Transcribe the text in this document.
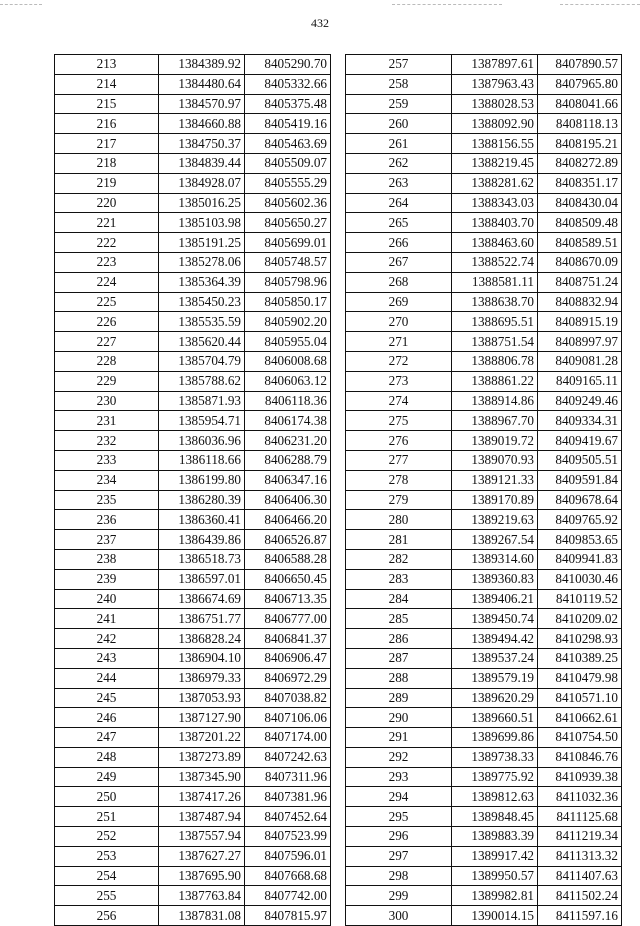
432
213	1384389.92	8405290.70
214	1384480.64	8405332.66
215	1384570.97	8405375.48
216	1384660.88	8405419.16
217	1384750.37	8405463.69
218	1384839.44	8405509.07
219	1384928.07	8405555.29
220	1385016.25	8405602.36
221	1385103.98	8405650.27
222	1385191.25	8405699.01
223	1385278.06	8405748.57
224	1385364.39	8405798.96
225	1385450.23	8405850.17
226	1385535.59	8405902.20
227	1385620.44	8405955.04
228	1385704.79	8406008.68
229	1385788.62	8406063.12
230	1385871.93	8406118.36
231	1385954.71	8406174.38
232	1386036.96	8406231.20
233	1386118.66	8406288.79
234	1386199.80	8406347.16
235	1386280.39	8406406.30
236	1386360.41	8406466.20
237	1386439.86	8406526.87
238	1386518.73	8406588.28
239	1386597.01	8406650.45
240	1386674.69	8406713.35
241	1386751.77	8406777.00
242	1386828.24	8406841.37
243	1386904.10	8406906.47
244	1386979.33	8406972.29
245	1387053.93	8407038.82
246	1387127.90	8407106.06
247	1387201.22	8407174.00
248	1387273.89	8407242.63
249	1387345.90	8407311.96
250	1387417.26	8407381.96
251	1387487.94	8407452.64
252	1387557.94	8407523.99
253	1387627.27	8407596.01
254	1387695.90	8407668.68
255	1387763.84	8407742.00
256	1387831.08	8407815.97
257	1387897.61	8407890.57
258	1387963.43	8407965.80
259	1388028.53	8408041.66
260	1388092.90	8408118.13
261	1388156.55	8408195.21
262	1388219.45	8408272.89
263	1388281.62	8408351.17
264	1388343.03	8408430.04
265	1388403.70	8408509.48
266	1388463.60	8408589.51
267	1388522.74	8408670.09
268	1388581.11	8408751.24
269	1388638.70	8408832.94
270	1388695.51	8408915.19
271	1388751.54	8408997.97
272	1388806.78	8409081.28
273	1388861.22	8409165.11
274	1388914.86	8409249.46
275	1388967.70	8409334.31
276	1389019.72	8409419.67
277	1389070.93	8409505.51
278	1389121.33	8409591.84
279	1389170.89	8409678.64
280	1389219.63	8409765.92
281	1389267.54	8409853.65
282	1389314.60	8409941.83
283	1389360.83	8410030.46
284	1389406.21	8410119.52
285	1389450.74	8410209.02
286	1389494.42	8410298.93
287	1389537.24	8410389.25
288	1389579.19	8410479.98
289	1389620.29	8410571.10
290	1389660.51	8410662.61
291	1389699.86	8410754.50
292	1389738.33	8410846.76
293	1389775.92	8410939.38
294	1389812.63	8411032.36
295	1389848.45	8411125.68
296	1389883.39	8411219.34
297	1389917.42	8411313.32
298	1389950.57	8411407.63
299	1389982.81	8411502.24
300	1390014.15	8411597.16
